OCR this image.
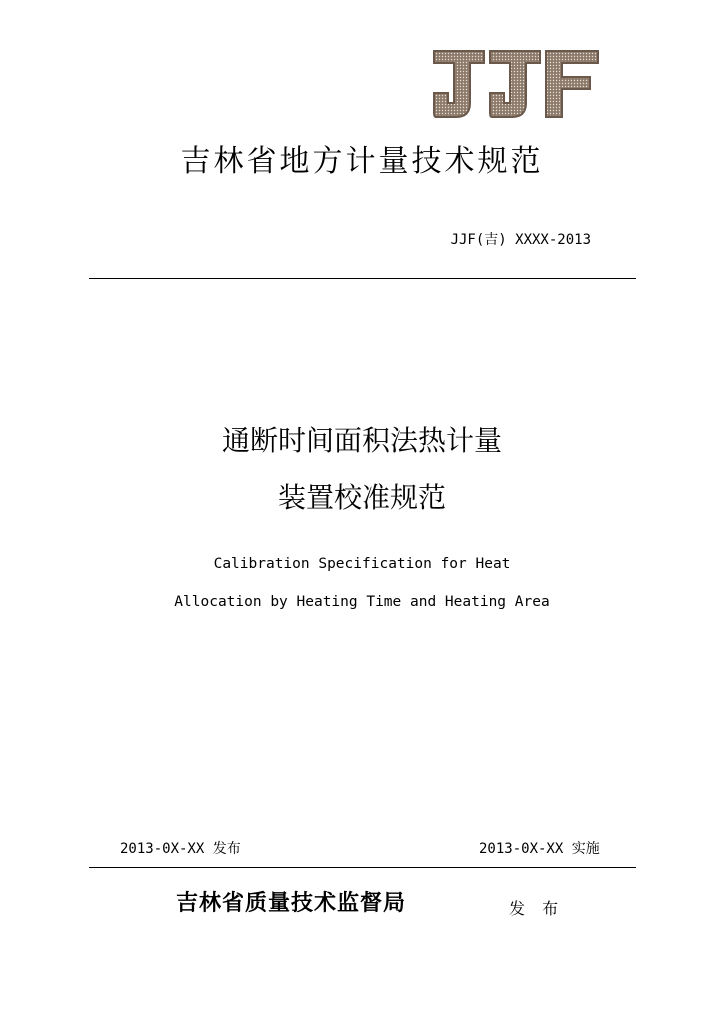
吉林省地方计量技术规范
JJF(吉) XXXX-2013
通断时间面积法热计量
装置校准规范
Calibration Specification for Heat
Allocation by Heating Time and Heating Area
2013-0X-XX 发布	2013-0X-XX 实施
吉林省质量技术监督局	发 布
